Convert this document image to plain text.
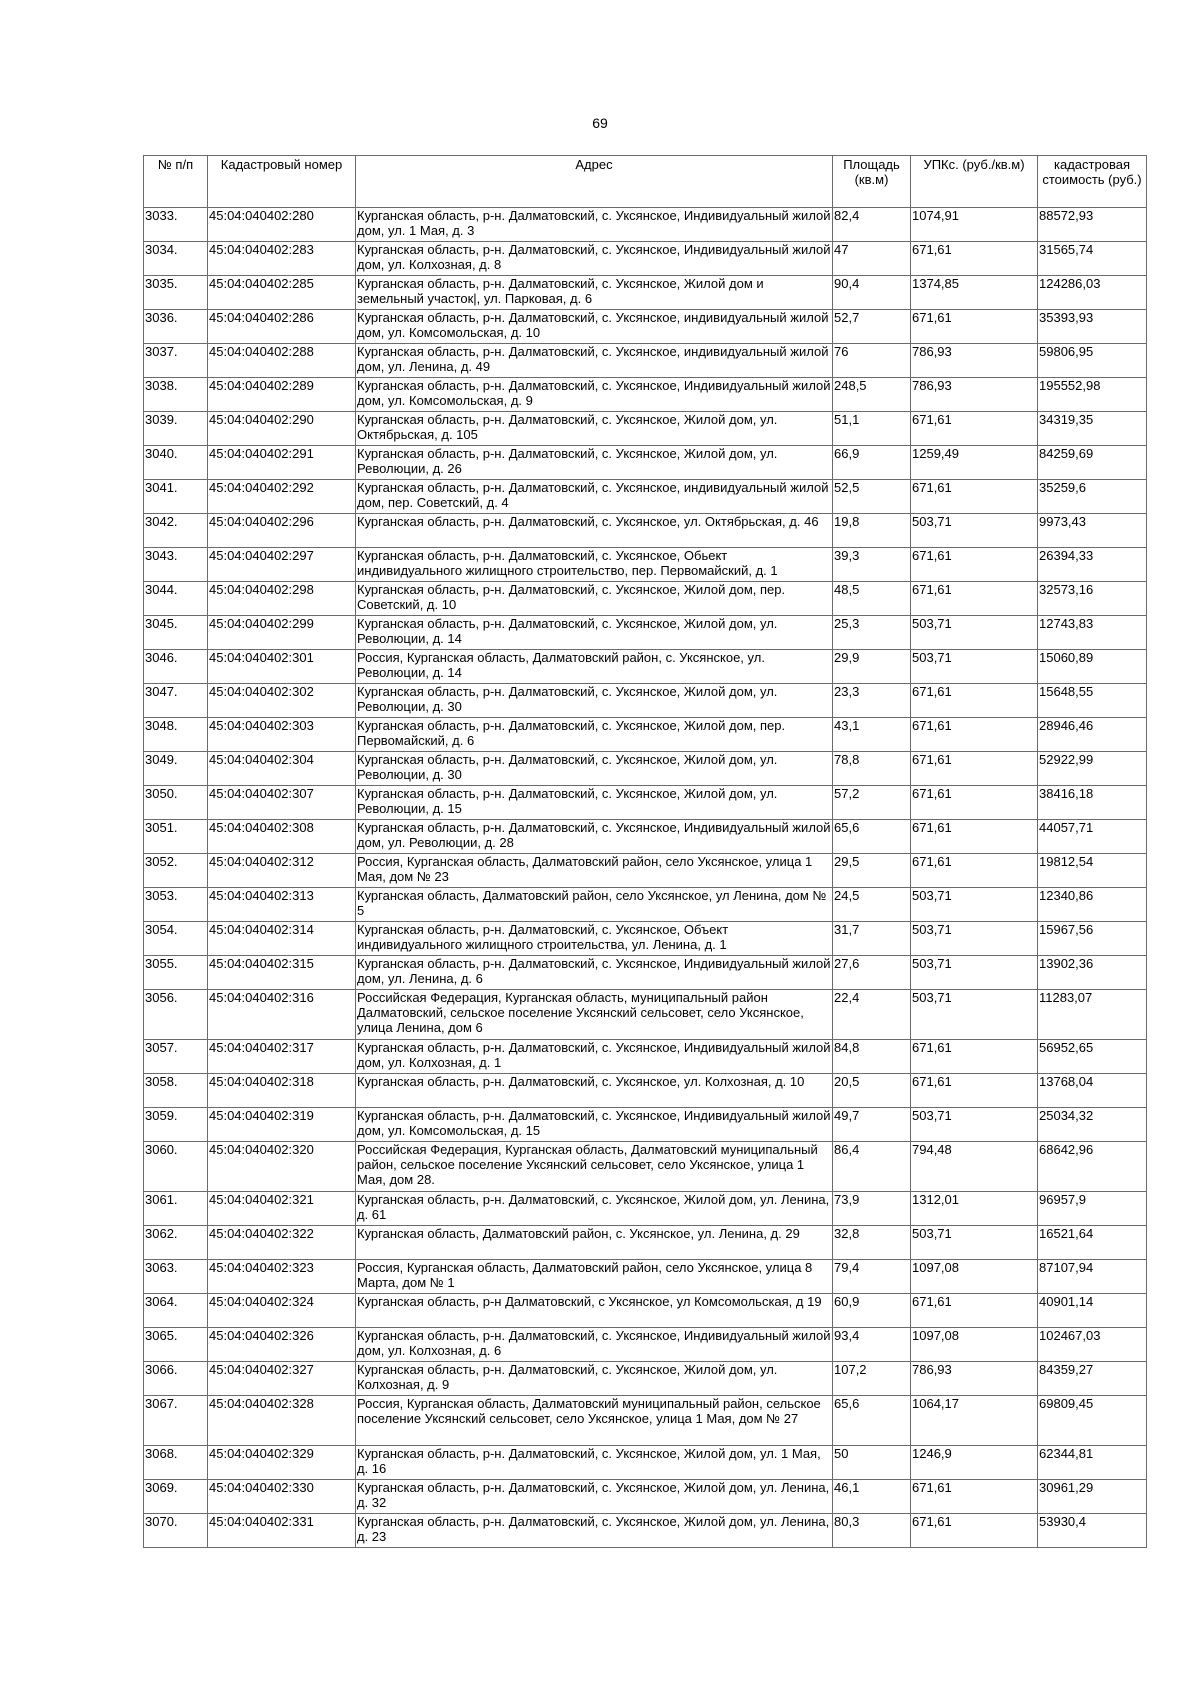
69
№ п/п	Кадастровый номер	Адрес	Площадь (кв.м)	УПКс. (руб./кв.м)	кадастровая стоимость (руб.)
3033.	45:04:040402:280	Курганская область, р-н. Далматовский, с. Уксянское, Индивидуальный жилой дом, ул. 1 Мая, д. 3	82,4	1074,91	88572,93
3034.	45:04:040402:283	Курганская область, р-н. Далматовский, с. Уксянское, Индивидуальный жилой дом, ул. Колхозная, д. 8	47	671,61	31565,74
3035.	45:04:040402:285	Курганская область, р-н. Далматовский, с. Уксянское, Жилой дом и земельный участок|, ул. Парковая, д. 6	90,4	1374,85	124286,03
3036.	45:04:040402:286	Курганская область, р-н. Далматовский, с. Уксянское, индивидуальный жилой дом, ул. Комсомольская, д. 10	52,7	671,61	35393,93
3037.	45:04:040402:288	Курганская область, р-н. Далматовский, с. Уксянское, индивидуальный жилой дом, ул. Ленина, д. 49	76	786,93	59806,95
3038.	45:04:040402:289	Курганская область, р-н. Далматовский, с. Уксянское, Индивидуальный жилой дом, ул. Комсомольская, д. 9	248,5	786,93	195552,98
3039.	45:04:040402:290	Курганская область, р-н. Далматовский, с. Уксянское, Жилой дом, ул. Октябрьская, д. 105	51,1	671,61	34319,35
3040.	45:04:040402:291	Курганская область, р-н. Далматовский, с. Уксянское, Жилой дом, ул. Революции, д. 26	66,9	1259,49	84259,69
3041.	45:04:040402:292	Курганская область, р-н. Далматовский, с. Уксянское, индивидуальный жилой дом, пер. Советский, д. 4	52,5	671,61	35259,6
3042.	45:04:040402:296	Курганская область, р-н. Далматовский, с. Уксянское, ул. Октябрьская, д. 46	19,8	503,71	9973,43
3043.	45:04:040402:297	Курганская область, р-н. Далматовский, с. Уксянское, Обьект индивидуального жилищного строительство, пер. Первомайский, д. 1	39,3	671,61	26394,33
3044.	45:04:040402:298	Курганская область, р-н. Далматовский, с. Уксянское, Жилой дом, пер. Советский, д. 10	48,5	671,61	32573,16
3045.	45:04:040402:299	Курганская область, р-н. Далматовский, с. Уксянское, Жилой дом, ул. Революции, д. 14	25,3	503,71	12743,83
3046.	45:04:040402:301	Россия, Курганская область, Далматовский район, с. Уксянское, ул. Революции, д. 14	29,9	503,71	15060,89
3047.	45:04:040402:302	Курганская область, р-н. Далматовский, с. Уксянское, Жилой дом, ул. Революции, д. 30	23,3	671,61	15648,55
3048.	45:04:040402:303	Курганская область, р-н. Далматовский, с. Уксянское, Жилой дом, пер. Первомайский, д. 6	43,1	671,61	28946,46
3049.	45:04:040402:304	Курганская область, р-н. Далматовский, с. Уксянское, Жилой дом, ул. Революции, д. 30	78,8	671,61	52922,99
3050.	45:04:040402:307	Курганская область, р-н. Далматовский, с. Уксянское, Жилой дом, ул. Революции, д. 15	57,2	671,61	38416,18
3051.	45:04:040402:308	Курганская область, р-н. Далматовский, с. Уксянское, Индивидуальный жилой дом, ул. Революции, д. 28	65,6	671,61	44057,71
3052.	45:04:040402:312	Россия, Курганская область, Далматовский район, село Уксянское, улица 1 Мая, дом № 23	29,5	671,61	19812,54
3053.	45:04:040402:313	Курганская область, Далматовский район, село Уксянское, ул Ленина, дом № 5	24,5	503,71	12340,86
3054.	45:04:040402:314	Курганская область, р-н. Далматовский, с. Уксянское, Объект индивидуального жилищного строительства, ул. Ленина, д. 1	31,7	503,71	15967,56
3055.	45:04:040402:315	Курганская область, р-н. Далматовский, с. Уксянское, Индивидуальный жилой дом, ул. Ленина, д. 6	27,6	503,71	13902,36
3056.	45:04:040402:316	Российская Федерация, Курганская область, муниципальный район Далматовский, сельское поселение Уксянский сельсовет, село Уксянское, улица Ленина, дом 6	22,4	503,71	11283,07
3057.	45:04:040402:317	Курганская область, р-н. Далматовский, с. Уксянское, Индивидуальный жилой дом, ул. Колхозная, д. 1	84,8	671,61	56952,65
3058.	45:04:040402:318	Курганская область, р-н. Далматовский, с. Уксянское, ул. Колхозная, д. 10	20,5	671,61	13768,04
3059.	45:04:040402:319	Курганская область, р-н. Далматовский, с. Уксянское, Индивидуальный жилой дом, ул. Комсомольская, д. 15	49,7	503,71	25034,32
3060.	45:04:040402:320	Российская Федерация, Курганская область, Далматовский муниципальный район, сельское поселение Уксянский сельсовет, село Уксянское, улица 1 Мая, дом 28.	86,4	794,48	68642,96
3061.	45:04:040402:321	Курганская область, р-н. Далматовский, с. Уксянское, Жилой дом, ул. Ленина, д. 61	73,9	1312,01	96957,9
3062.	45:04:040402:322	Курганская область, Далматовский район, с. Уксянское, ул. Ленина, д. 29	32,8	503,71	16521,64
3063.	45:04:040402:323	Россия, Курганская область, Далматовский район, село Уксянское, улица 8 Марта, дом № 1	79,4	1097,08	87107,94
3064.	45:04:040402:324	Курганская область, р-н Далматовский, с Уксянское, ул Комсомольская, д 19	60,9	671,61	40901,14
3065.	45:04:040402:326	Курганская область, р-н. Далматовский, с. Уксянское, Индивидуальный жилой дом, ул. Колхозная, д. 6	93,4	1097,08	102467,03
3066.	45:04:040402:327	Курганская область, р-н. Далматовский, с. Уксянское, Жилой дом, ул. Колхозная, д. 9	107,2	786,93	84359,27
3067.	45:04:040402:328	Россия, Курганская область, Далматовский муниципальный район, сельское поселение Уксянский сельсовет, село Уксянское, улица 1 Мая, дом № 27	65,6	1064,17	69809,45
3068.	45:04:040402:329	Курганская область, р-н. Далматовский, с. Уксянское, Жилой дом, ул. 1 Мая, д. 16	50	1246,9	62344,81
3069.	45:04:040402:330	Курганская область, р-н. Далматовский, с. Уксянское, Жилой дом, ул. Ленина, д. 32	46,1	671,61	30961,29
3070.	45:04:040402:331	Курганская область, р-н. Далматовский, с. Уксянское, Жилой дом, ул. Ленина, д. 23	80,3	671,61	53930,4
